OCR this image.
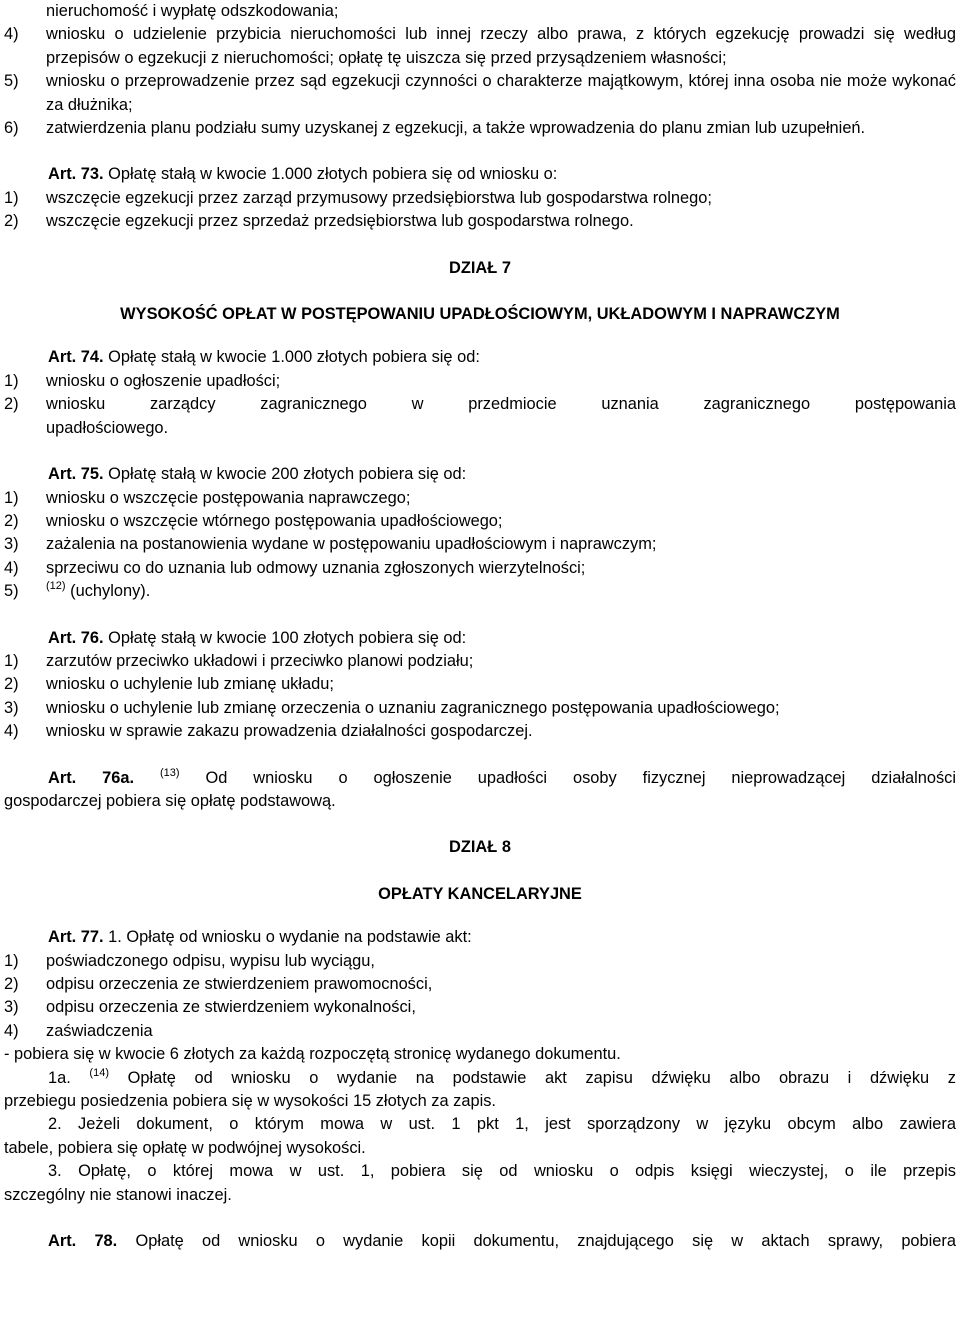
nieruchomość i wypłatę odszkodowania;
4)	wniosku o udzielenie przybicia nieruchomości lub innej rzeczy albo prawa, z których egzekucję prowadzi się według przepisów o egzekucji z nieruchomości; opłatę tę uiszcza się przed przysądzeniem własności;
5)	wniosku o przeprowadzenie przez sąd egzekucji czynności o charakterze majątkowym, której inna osoba nie może wykonać za dłużnika;
6)	zatwierdzenia planu podziału sumy uzyskanej z egzekucji, a także wprowadzenia do planu zmian lub uzupełnień.
Art. 73. Opłatę stałą w kwocie 1.000 złotych pobiera się od wniosku o:
1)	wszczęcie egzekucji przez zarząd przymusowy przedsiębiorstwa lub gospodarstwa rolnego;
2)	wszczęcie egzekucji przez sprzedaż przedsiębiorstwa lub gospodarstwa rolnego.
DZIAŁ 7
WYSOKOŚĆ OPŁAT W POSTĘPOWANIU UPADŁOŚCIOWYM, UKŁADOWYM I NAPRAWCZYM
Art. 74. Opłatę stałą w kwocie 1.000 złotych pobiera się od:
1)	wniosku o ogłoszenie upadłości;
2)	wniosku zarządcy zagranicznego w przedmiocie uznania zagranicznego postępowania
upadłościowego.
Art. 75. Opłatę stałą w kwocie 200 złotych pobiera się od:
1)	wniosku o wszczęcie postępowania naprawczego;
2)	wniosku o wszczęcie wtórnego postępowania upadłościowego;
3)	zażalenia na postanowienia wydane w postępowaniu upadłościowym i naprawczym;
4)	sprzeciwu co do uznania lub odmowy uznania zgłoszonych wierzytelności;
5)	$^{(12)}$ (uchylony).
Art. 76. Opłatę stałą w kwocie 100 złotych pobiera się od:
1)	zarzutów przeciwko układowi i przeciwko planowi podziału;
2)	wniosku o uchylenie lub zmianę układu;
3)	wniosku o uchylenie lub zmianę orzeczenia o uznaniu zagranicznego postępowania upadłościowego;
4)	wniosku w sprawie zakazu prowadzenia działalności gospodarczej.
Art. 76a. $^{(13)}$ Od wniosku o ogłoszenie upadłości osoby fizycznej nieprowadzącej działalności
gospodarczej pobiera się opłatę podstawową.
DZIAŁ 8
OPŁATY KANCELARYJNE
Art. 77. 1. Opłatę od wniosku o wydanie na podstawie akt:
1)	poświadczonego odpisu, wypisu lub wyciągu,
2)	odpisu orzeczenia ze stwierdzeniem prawomocności,
3)	odpisu orzeczenia ze stwierdzeniem wykonalności,
4)	zaświadczenia
- pobiera się w kwocie 6 złotych za każdą rozpoczętą stronicę wydanego dokumentu.
1a. $^{(14)}$ Opłatę od wniosku o wydanie na podstawie akt zapisu dźwięku albo obrazu i dźwięku z
przebiegu posiedzenia pobiera się w wysokości 15 złotych za zapis.
2. Jeżeli dokument, o którym mowa w ust. 1 pkt 1, jest sporządzony w języku obcym albo zawiera
tabele, pobiera się opłatę w podwójnej wysokości.
3. Opłatę, o której mowa w ust. 1, pobiera się od wniosku o odpis księgi wieczystej, o ile przepis
szczególny nie stanowi inaczej.
Art. 78. Opłatę od wniosku o wydanie kopii dokumentu, znajdującego się w aktach sprawy, pobiera
